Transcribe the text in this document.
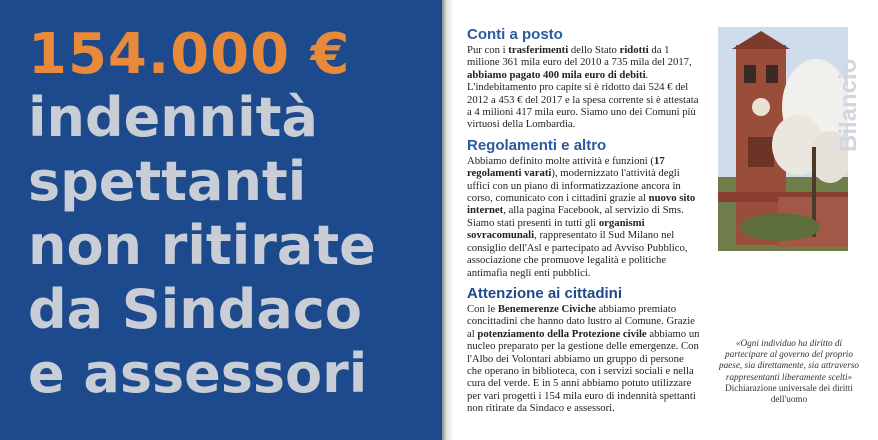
154.000 €
indennità
spettanti
non ritirate
da Sindaco
e assessori
Conti a posto

Pur con i trasferimenti dello Stato ridotti da 1 milione 361 mila euro del 2010 a 735 mila del 2017, abbiamo pagato 400 mila euro di debiti. L'indebitamento pro capite si è ridotto dai 524 € del 2012 a 453 € del 2017 e la spesa corrente si è attestata a 4 milioni 417 mila euro. Siamo uno dei Comuni più virtuosi della Lombardia.

Regolamenti e altro

Abbiamo definito molte attività e funzioni (17 regolamenti varati), modernizzato l'attività degli uffici con un piano di informatizzazione ancora in corso, comunicato con i cittadini grazie al nuovo sito internet, alla pagina Facebook, al servizio di Sms. Siamo stati presenti in tutti gli organismi sovracomunali, rappresentato il Sud Milano nel consiglio dell'Asl e partecipato ad Avviso Pubblico, associazione che promuove legalità e politiche antimafia negli enti pubblici.

Attenzione ai cittadini

Con le Benemerenze Civiche abbiamo premiato concittadini che hanno dato lustro al Comune. Grazie al potenziamento della Protezione civile abbiamo un nucleo preparato per la gestione delle emergenze. Con l'Albo dei Volontari abbiamo un gruppo di persone che operano in biblioteca, con i servizi sociali e nella cura del verde. E in 5 anni abbiamo potuto utilizzare per vari progetti i 154 mila euro di indennità spettanti non ritirate da Sindaco e assessori.

Bilancio
«Ogni individuo ha diritto di partecipare al governo del proprio paese, sia direttamente, sia attraverso rappresentanti liberamente scelti»
Dichiarazione universale dei diritti dell'uomo
